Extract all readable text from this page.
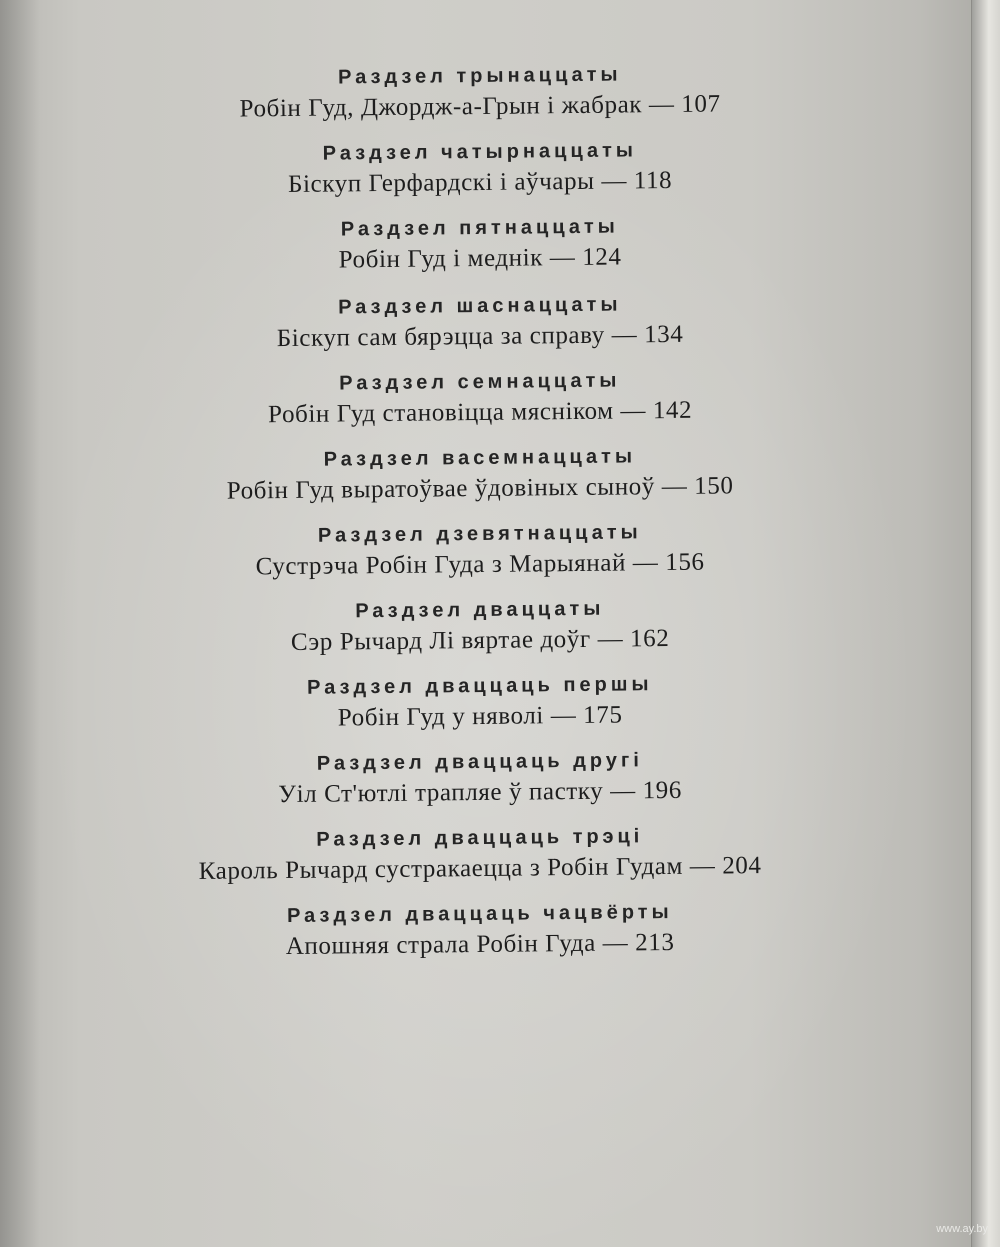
Раздзел трынаццаты
Робін Гуд, Джордж-а-Грын і жабрак — 107
Раздзел чатырнаццаты
Біскуп Герфардскі і аўчары — 118
Раздзел пятнаццаты
Робін Гуд і меднік — 124
Раздзел шаснаццаты
Біскуп сам бярэцца за справу — 134
Раздзел семнаццаты
Робін Гуд становіцца мясніком — 142
Раздзел васемнаццаты
Робін Гуд выратоўвае ўдовіных сыноў — 150
Раздзел дзевятнаццаты
Сустрэча Робін Гуда з Марыянай — 156
Раздзел дваццаты
Сэр Рычард Лі вяртае доўг — 162
Раздзел дваццаць першы
Робін Гуд у няволі — 175
Раздзел дваццаць другі
Уіл Ст'ютлі трапляе ў пастку — 196
Раздзел дваццаць трэці
Кароль Рычард сустракаецца з Робін Гудам — 204
Раздзел дваццаць чацвёрты
Апошняя страла Робін Гуда — 213
www.ay.by
